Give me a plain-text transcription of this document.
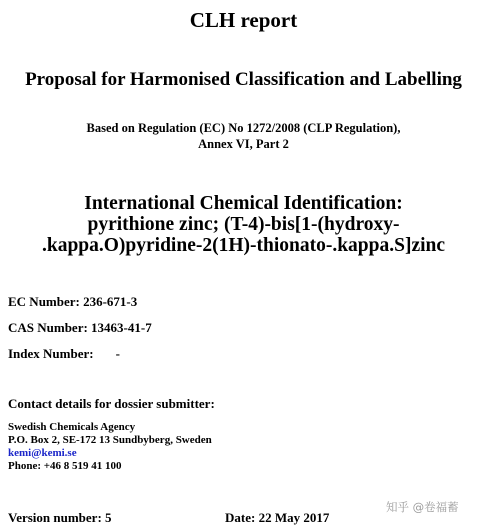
CLH report
Proposal for Harmonised Classification and Labelling
Based on Regulation (EC) No 1272/2008 (CLP Regulation),
Annex VI, Part 2
International Chemical Identification:
pyrithione zinc; (T-4)-bis[1-(hydroxy-
.kappa.O)pyridine-2(1H)-thionato-.kappa.S]zinc
EC Number: 236-671-3
CAS Number: 13463-41-7
Index Number: -
Contact details for dossier submitter:
Swedish Chemicals Agency
P.O. Box 2, SE-172 13 Sundbyberg, Sweden
kemi@kemi.se
Phone: +46 8 519 41 100
Version number: 5	Date: 22 May 2017
知乎 @卷福蓄
